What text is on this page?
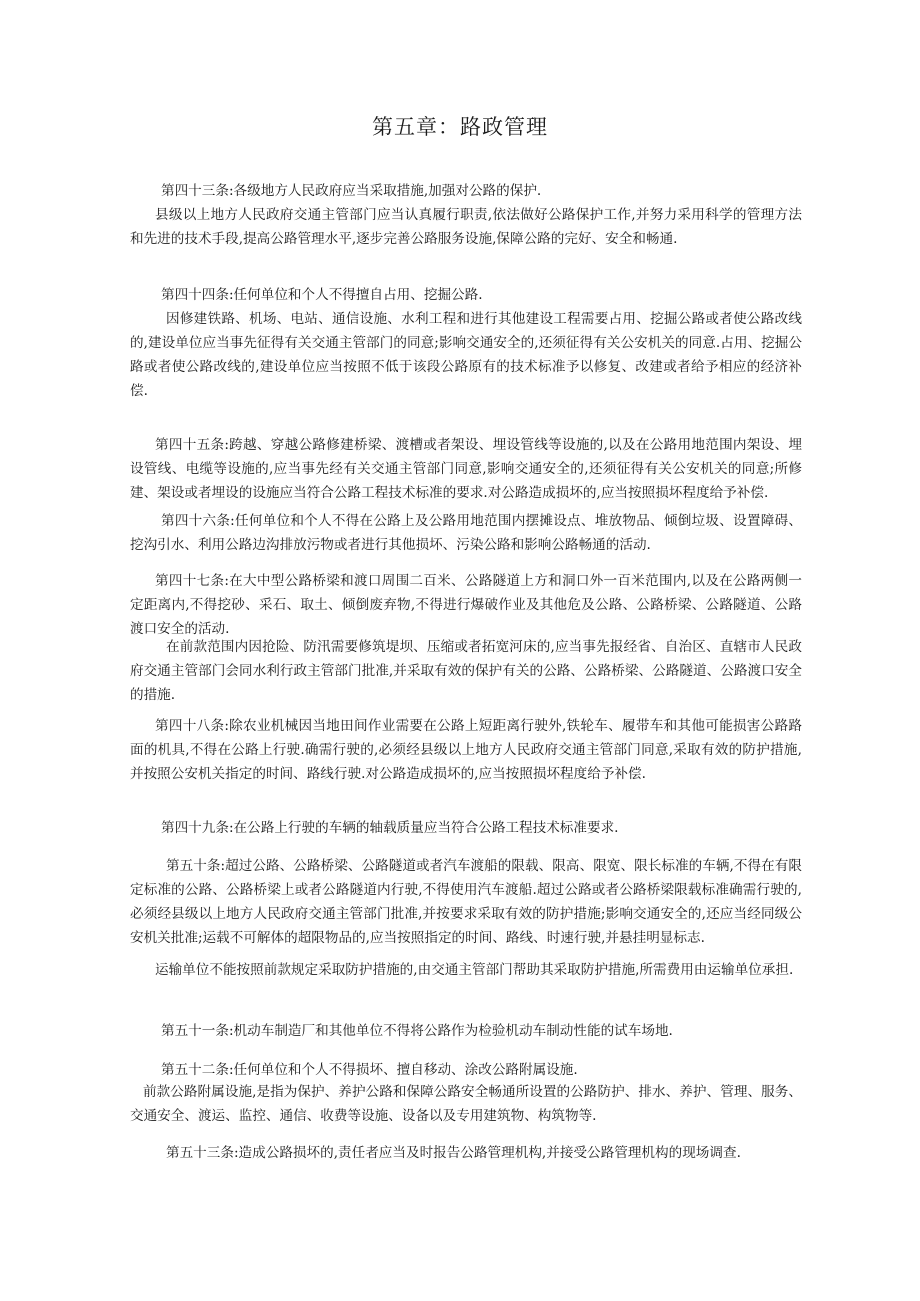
第五章：路政管理

第四十三条:各级地方人民政府应当采取措施,加强对公路的保护.

县级以上地方人民政府交通主管部门应当认真履行职责,依法做好公路保护工作,并努力采用科学的管理方法和先进的技术手段,提高公路管理水平,逐步完善公路服务设施,保障公路的完好、安全和畅通.

第四十四条:任何单位和个人不得擅自占用、挖掘公路.

因修建铁路、机场、电站、通信设施、水利工程和进行其他建设工程需要占用、挖掘公路或者使公路改线的,建设单位应当事先征得有关交通主管部门的同意;影响交通安全的,还须征得有关公安机关的同意.占用、挖掘公路或者使公路改线的,建设单位应当按照不低于该段公路原有的技术标准予以修复、改建或者给予相应的经济补偿.

第四十五条:跨越、穿越公路修建桥梁、渡槽或者架设、埋设管线等设施的,以及在公路用地范围内架设、埋设管线、电缆等设施的,应当事先经有关交通主管部门同意,影响交通安全的,还须征得有关公安机关的同意;所修建、架设或者埋设的设施应当符合公路工程技术标准的要求.对公路造成损坏的,应当按照损坏程度给予补偿.

第四十六条:任何单位和个人不得在公路上及公路用地范围内摆摊设点、堆放物品、倾倒垃圾、设置障碍、挖沟引水、利用公路边沟排放污物或者进行其他损坏、污染公路和影响公路畅通的活动.

第四十七条:在大中型公路桥梁和渡口周围二百米、公路隧道上方和洞口外一百米范围内,以及在公路两侧一定距离内,不得挖砂、采石、取土、倾倒废弃物,不得进行爆破作业及其他危及公路、公路桥梁、公路隧道、公路渡口安全的活动.

在前款范围内因抢险、防汛需要修筑堤坝、压缩或者拓宽河床的,应当事先报经省、自治区、直辖市人民政府交通主管部门会同水利行政主管部门批准,并采取有效的保护有关的公路、公路桥梁、公路隧道、公路渡口安全的措施.

第四十八条:除农业机械因当地田间作业需要在公路上短距离行驶外,铁轮车、履带车和其他可能损害公路路面的机具,不得在公路上行驶.确需行驶的,必须经县级以上地方人民政府交通主管部门同意,采取有效的防护措施,并按照公安机关指定的时间、路线行驶.对公路造成损坏的,应当按照损坏程度给予补偿.

第四十九条:在公路上行驶的车辆的轴载质量应当符合公路工程技术标准要求.

第五十条:超过公路、公路桥梁、公路隧道或者汽车渡船的限载、限高、限宽、限长标准的车辆,不得在有限定标准的公路、公路桥梁上或者公路隧道内行驶,不得使用汽车渡船.超过公路或者公路桥梁限载标准确需行驶的,必须经县级以上地方人民政府交通主管部门批准,并按要求采取有效的防护措施;影响交通安全的,还应当经同级公安机关批准;运载不可解体的超限物品的,应当按照指定的时间、路线、时速行驶,并悬挂明显标志.

运输单位不能按照前款规定采取防护措施的,由交通主管部门帮助其采取防护措施,所需费用由运输单位承担.

第五十一条:机动车制造厂和其他单位不得将公路作为检验机动车制动性能的试车场地.

第五十二条:任何单位和个人不得损坏、擅自移动、涂改公路附属设施.

前款公路附属设施,是指为保护、养护公路和保障公路安全畅通所设置的公路防护、排水、养护、管理、服务、交通安全、渡运、监控、通信、收费等设施、设备以及专用建筑物、构筑物等.

第五十三条:造成公路损坏的,责任者应当及时报告公路管理机构,并接受公路管理机构的现场调查.
